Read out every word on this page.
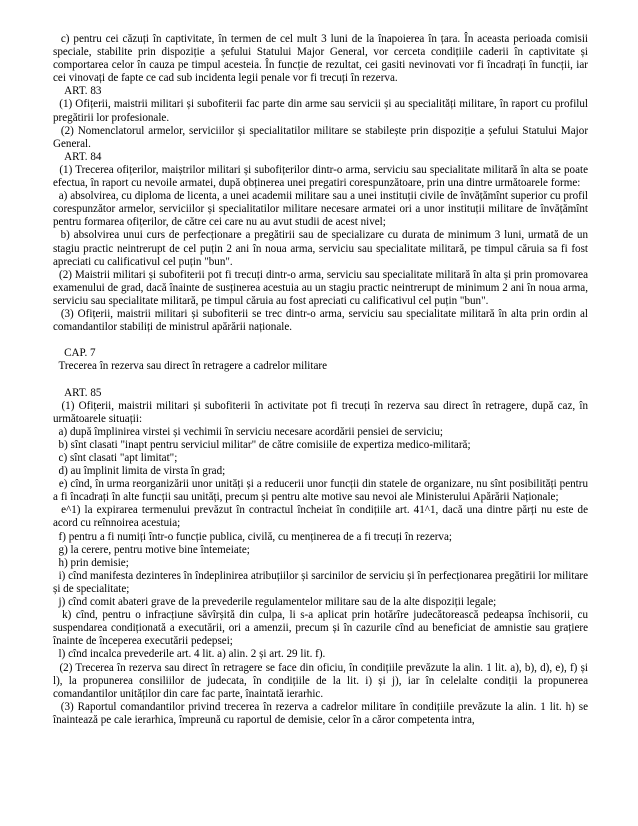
c) pentru cei căzuți în captivitate, în termen de cel mult 3 luni de la înapoierea în țara. În aceasta perioada comisii speciale, stabilite prin dispoziție a șefului Statului Major General, vor cerceta condițiile caderii în captivitate și comportarea celor în cauza pe timpul acesteia. În funcție de rezultat, cei gasiti nevinovati vor fi încadrați în funcții, iar cei vinovați de fapte ce cad sub incidenta legii penale vor fi trecuți în rezerva.

ART. 83

(1) Ofițerii, maistrii militari și subofiterii fac parte din arme sau servicii și au specialități militare, în raport cu profilul pregătirii lor profesionale.

(2) Nomenclatorul armelor, serviciilor și specialitatilor militare se stabilește prin dispoziție a șefului Statului Major General.

ART. 84

(1) Trecerea ofițerilor, maiștrilor militari și subofițerilor dintr-o arma, serviciu sau specialitate militară în alta se poate efectua, în raport cu nevoile armatei, după obținerea unei pregatiri corespunzătoare, prin una dintre următoarele forme:

a) absolvirea, cu diploma de licenta, a unei academii militare sau a unei instituții civile de învățămînt superior cu profil corespunzător armelor, serviciilor și specialitatilor militare necesare armatei ori a unor instituții militare de învățămînt pentru formarea ofițerilor, de către cei care nu au avut studii de acest nivel;

b) absolvirea unui curs de perfecționare a pregătirii sau de specializare cu durata de minimum 3 luni, urmată de un stagiu practic neintrerupt de cel puțin 2 ani în noua arma, serviciu sau specialitate militară, pe timpul căruia sa fi fost apreciati cu calificativul cel puțin "bun".

(2) Maistrii militari și subofiterii pot fi trecuți dintr-o arma, serviciu sau specialitate militară în alta și prin promovarea examenului de grad, dacă înainte de susținerea acestuia au un stagiu practic neintrerupt de minimum 2 ani în noua arma, serviciu sau specialitate militară, pe timpul căruia au fost apreciati cu calificativul cel puțin "bun".

(3) Ofițerii, maistrii militari și subofiterii se trec dintr-o arma, serviciu sau specialitate militară în alta prin ordin al comandantilor stabiliți de ministrul apărării naționale.

CAP. 7

Trecerea în rezerva sau direct în retragere a cadrelor militare

ART. 85

(1) Ofițerii, maistrii militari și subofiterii în activitate pot fi trecuți în rezerva sau direct în retragere, după caz, în următoarele situații:

a) după împlinirea virstei și vechimii în serviciu necesare acordării pensiei de serviciu;

b) sînt clasati "inapt pentru serviciul militar" de către comisiile de expertiza medico-militară;

c) sînt clasati "apt limitat";

d) au împlinit limita de virsta în grad;

e) cînd, în urma reorganizării unor unități și a reducerii unor funcții din statele de organizare, nu sînt posibilități pentru a fi încadrați în alte funcții sau unități, precum și pentru alte motive sau nevoi ale Ministerului Apărării Naționale;

e^1) la expirarea termenului prevăzut în contractul încheiat în condițiile art. 41^1, dacă una dintre părți nu este de acord cu reînnoirea acestuia;

f) pentru a fi numiți într-o funcție publica, civilă, cu menținerea de a fi trecuți în rezerva;

g) la cerere, pentru motive bine întemeiate;

h) prin demisie;

i) cînd manifesta dezinteres în îndeplinirea atribuțiilor și sarcinilor de serviciu și în perfecționarea pregătirii lor militare și de specialitate;

j) cînd comit abateri grave de la prevederile regulamentelor militare sau de la alte dispoziții legale;

k) cînd, pentru o infracțiune săvîrșită din culpa, li s-a aplicat prin hotărîre judecătorească pedeapsa închisorii, cu suspendarea condiționată a executării, ori a amenzii, precum și în cazurile cînd au beneficiat de amnistie sau grațiere înainte de începerea executării pedepsei;

l) cînd incalca prevederile art. 4 lit. a) alin. 2 și art. 29 lit. f).

(2) Trecerea în rezerva sau direct în retragere se face din oficiu, în condițiile prevăzute la alin. 1 lit. a), b), d), e), f) și l), la propunerea consiliilor de judecata, în condițiile de la lit. i) și j), iar în celelalte condiții la propunerea comandantilor unităților din care fac parte, înaintată ierarhic.

(3) Raportul comandantilor privind trecerea în rezerva a cadrelor militare în condițiile prevăzute la alin. 1 lit. h) se înaintează pe cale ierarhica, împreună cu raportul de demisie, celor în a căror competenta intra,
